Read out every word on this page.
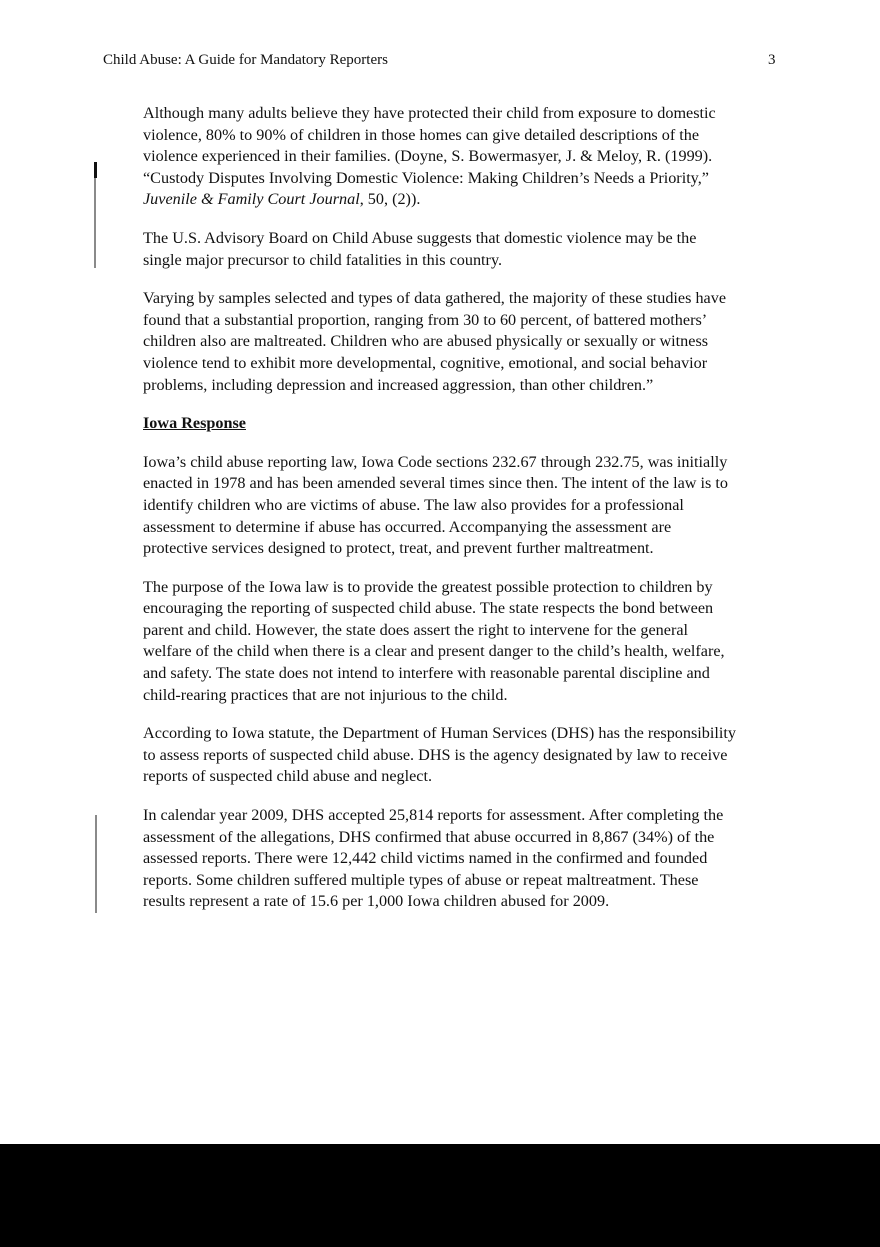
Child Abuse: A Guide for Mandatory Reporters	3

Although many adults believe they have protected their child from exposure to domestic
violence, 80% to 90% of children in those homes can give detailed descriptions of the
violence experienced in their families. (Doyne, S. Bowermasyer, J. & Meloy, R. (1999).
“Custody Disputes Involving Domestic Violence: Making Children’s Needs a Priority,”
Juvenile & Family Court Journal, 50, (2)).

The U.S. Advisory Board on Child Abuse suggests that domestic violence may be the
single major precursor to child fatalities in this country.

Varying by samples selected and types of data gathered, the majority of these studies have
found that a substantial proportion, ranging from 30 to 60 percent, of battered mothers’
children also are maltreated. Children who are abused physically or sexually or witness
violence tend to exhibit more developmental, cognitive, emotional, and social behavior
problems, including depression and increased aggression, than other children.”

Iowa Response

Iowa’s child abuse reporting law, Iowa Code sections 232.67 through 232.75, was initially
enacted in 1978 and has been amended several times since then. The intent of the law is to
identify children who are victims of abuse. The law also provides for a professional
assessment to determine if abuse has occurred. Accompanying the assessment are
protective services designed to protect, treat, and prevent further maltreatment.

The purpose of the Iowa law is to provide the greatest possible protection to children by
encouraging the reporting of suspected child abuse. The state respects the bond between
parent and child. However, the state does assert the right to intervene for the general
welfare of the child when there is a clear and present danger to the child’s health, welfare,
and safety. The state does not intend to interfere with reasonable parental discipline and
child-rearing practices that are not injurious to the child.

According to Iowa statute, the Department of Human Services (DHS) has the responsibility
to assess reports of suspected child abuse. DHS is the agency designated by law to receive
reports of suspected child abuse and neglect.

In calendar year 2009, DHS accepted 25,814 reports for assessment. After completing the
assessment of the allegations, DHS confirmed that abuse occurred in 8,867 (34%) of the
assessed reports. There were 12,442 child victims named in the confirmed and founded
reports. Some children suffered multiple types of abuse or repeat maltreatment. These
results represent a rate of 15.6 per 1,000 Iowa children abused for 2009.
